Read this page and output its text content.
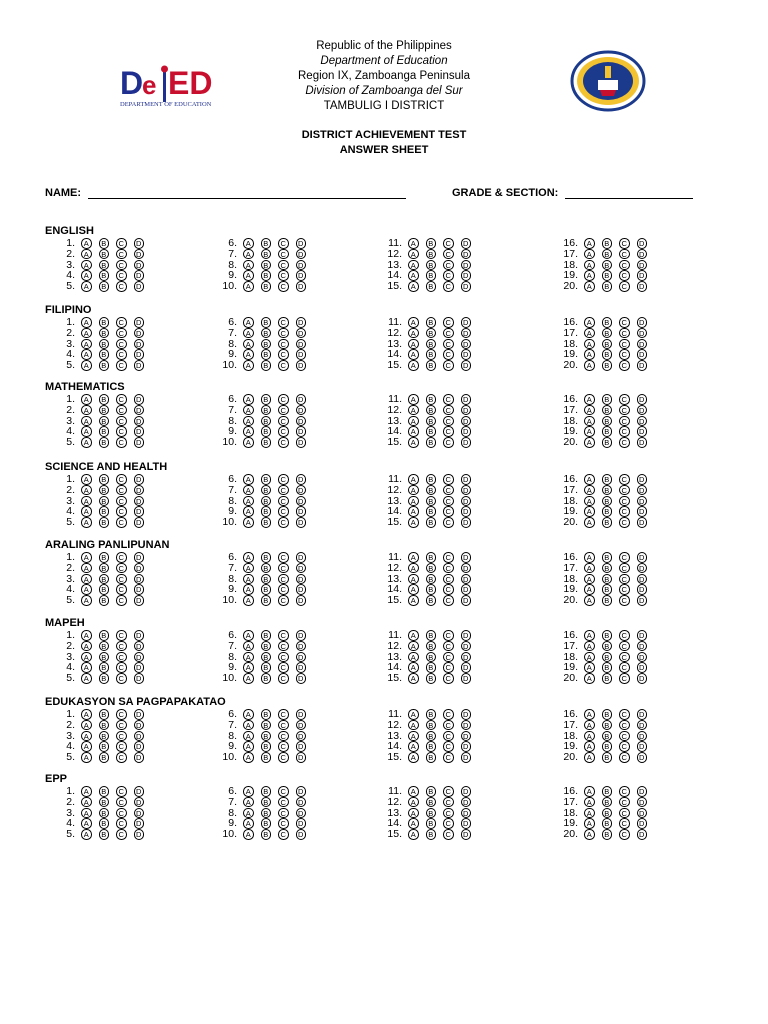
Republic of the Philippines
Department of Education
Region IX, Zamboanga Peninsula
Division of Zamboanga del Sur
TAMBULIG I DISTRICT
D
e ED
DEPARTMENT OF EDUCATION
DISTRICT ACHIEVEMENT TEST
ANSWER SHEET
NAME:	GRADE & SECTION:
ENGLISH
1. A B C D
2. A B C D
3. A B C D
4. A B C D
5. A B C D
6. A B C D
7. A B C D
8. A B C D
9. A B C D
10. A B C D
11. A B C D
12. A B C D
13. A B C D
14. A B C D
15. A B C D
16. A B C D
17. A B C D
18. A B C D
19. A B C D
20. A B C D
FILIPINO
1. A B C D
2. A B C D
3. A B C D
4. A B C D
5. A B C D
6. A B C D
7. A B C D
8. A B C D
9. A B C D
10. A B C D
11. A B C D
12. A B C D
13. A B C D
14. A B C D
15. A B C D
16. A B C D
17. A B C D
18. A B C D
19. A B C D
20. A B C D
MATHEMATICS
1. A B C D
2. A B C D
3. A B C D
4. A B C D
5. A B C D
6. A B C D
7. A B C D
8. A B C D
9. A B C D
10. A B C D
11. A B C D
12. A B C D
13. A B C D
14. A B C D
15. A B C D
16. A B C D
17. A B C D
18. A B C D
19. A B C D
20. A B C D
SCIENCE AND HEALTH
1. A B C D
2. A B C D
3. A B C D
4. A B C D
5. A B C D
6. A B C D
7. A B C D
8. A B C D
9. A B C D
10. A B C D
11. A B C D
12. A B C D
13. A B C D
14. A B C D
15. A B C D
16. A B C D
17. A B C D
18. A B C D
19. A B C D
20. A B C D
ARALING PANLIPUNAN
1. A B C D
2. A B C D
3. A B C D
4. A B C D
5. A B C D
6. A B C D
7. A B C D
8. A B C D
9. A B C D
10. A B C D
11. A B C D
12. A B C D
13. A B C D
14. A B C D
15. A B C D
16. A B C D
17. A B C D
18. A B C D
19. A B C D
20. A B C D
MAPEH
1. A B C D
2. A B C D
3. A B C D
4. A B C D
5. A B C D
6. A B C D
7. A B C D
8. A B C D
9. A B C D
10. A B C D
11. A B C D
12. A B C D
13. A B C D
14. A B C D
15. A B C D
16. A B C D
17. A B C D
18. A B C D
19. A B C D
20. A B C D
EDUKASYON SA PAGPAPAKATAO
1. A B C D
2. A B C D
3. A B C D
4. A B C D
5. A B C D
6. A B C D
7. A B C D
8. A B C D
9. A B C D
10. A B C D
11. A B C D
12. A B C D
13. A B C D
14. A B C D
15. A B C D
16. A B C D
17. A B C D
18. A B C D
19. A B C D
20. A B C D
EPP
1. A B C D
2. A B C D
3. A B C D
4. A B C D
5. A B C D
6. A B C D
7. A B C D
8. A B C D
9. A B C D
10. A B C D
11. A B C D
12. A B C D
13. A B C D
14. A B C D
15. A B C D
16. A B C D
17. A B C D
18. A B C D
19. A B C D
20. A B C D
